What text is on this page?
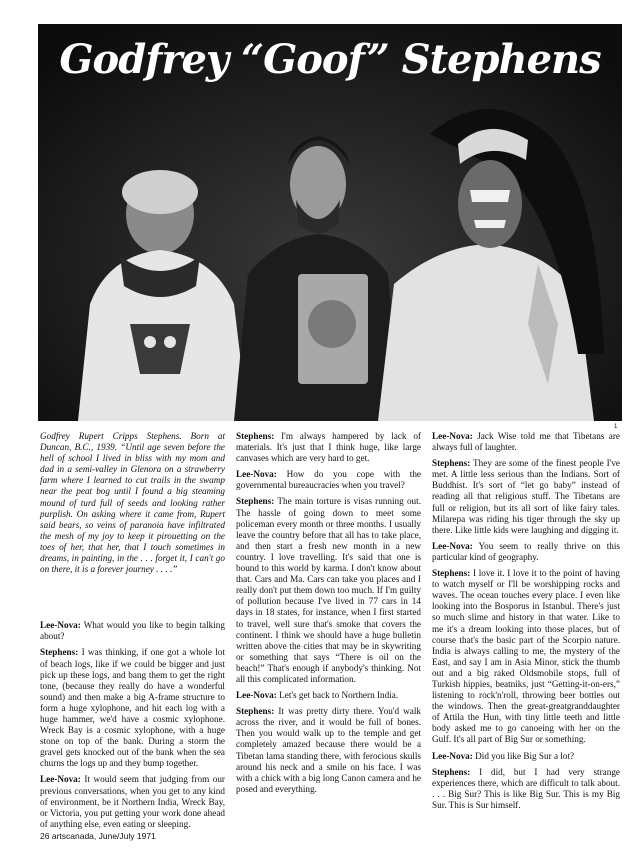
Godfrey “Goof” Stephens
1

Godfrey Rupert Cripps Stephens. Born at Duncan, B.C., 1939. “Until age seven before the hell of school I lived in bliss with my mom and dad in a semi-valley in Glenora on a strawberry farm where I learned to cut trails in the swamp near the peat bog until I found a big steaming mound of turd full of seeds and looking rather purplish. On asking where it came from, Rupert said bears, so veins of paranoia have infiltrated the mesh of my joy to keep it pirouetting on the toes of her, that her, that I touch sometimes in dreams, in painting, in the . . . forget it, I can't go on there, it is a forever journey . . . .”

Lee-Nova: What would you like to begin talking about?

Stephens: I was thinking, if one got a whole lot of beach logs, like if we could be bigger and just pick up these logs, and bang them to get the right tone, (because they really do have a wonderful sound) and then make a big A-frame structure to form a huge xylophone, and hit each log with a huge hammer, we'd have a cosmic xylophone. Wreck Bay is a cosmic xylophone, with a huge stone on top of the bank. During a storm the gravel gets knocked out of the bank when the sea churns the logs up and they bump together.

Lee-Nova: It would seem that judging from our previous conversations, when you get to any kind of environment, be it Northern India, Wreck Bay, or Victoria, you put getting your work done ahead of anything else, even eating or sleeping.

Stephens: I'm always hampered by lack of materials. It's just that I think huge, like large canvases which are very hard to get.

Lee-Nova: How do you cope with the governmental bureaucracies when you travel?

Stephens: The main torture is visas running out. The hassle of going down to meet some policeman every month or three months. I usually leave the country before that all has to take place, and then start a fresh new month in a new country. I love travelling. It's said that one is bound to this world by karma. I don't know about that. Cars and Ma. Cars can take you places and I really don't put them down too much. If I'm guilty of pollution because I've lived in 77 cars in 14 days in 18 states, for instance, when I first started to travel, well sure that's smoke that covers the continent. I think we should have a huge bulletin written above the cities that may be in skywriting or something that says “There is oil on the beach!” That's enough if anybody's thinking. Not all this complicated information.

Lee-Nova: Let's get back to Northern India.

Stephens: It was pretty dirty there. You'd walk across the river, and it would be full of bones. Then you would walk up to the temple and get completely amazed because there would be a Tibetan lama standing there, with ferocious skulls around his neck and a smile on his face. I was with a chick with a big long Canon camera and he posed and everything.

Lee-Nova: Jack Wise told me that Tibetans are always full of laughter.

Stephens: They are some of the finest people I've met. A little less serious than the Indians. Sort of Buddhist. It's sort of “let go baby” instead of reading all that religious stuff. The Tibetans are full or religion, but its all sort of like fairy tales. Milarepa was riding his tiger through the sky up there. Like little kids were laughing and digging it.

Lee-Nova: You seem to really thrive on this particular kind of geography.

Stephens: I love it. I love it to the point of having to watch myself or I'll be worshipping rocks and waves. The ocean touches every place. I even like looking into the Bosporus in Istanbul. There's just so much slime and history in that water. Like to me it's a dream looking into those places, but of course that's the basic part of the Scorpio nature. India is always calling to me, the mystery of the East, and say I am in Asia Minor, stick the thumb out and a big raked Oldsmobile stops, full of Turkish hippies, beatniks, just “Getting-it-on-ers,” listening to rock'n'roll, throwing beer bottles out the windows. Then the great-greatgranddaughter of Attila the Hun, with tiny little teeth and little body asked me to go canoeing with her on the Gulf. It's all part of Big Sur or something.

Lee-Nova: Did you like Big Sur a lot?

Stephens: I did, but I had very strange experiences there, which are difficult to talk about. . . . Big Sur? This is like Big Sur. This is my Big Sur. This is Sur himself.

26 artscanada, June/July 1971
